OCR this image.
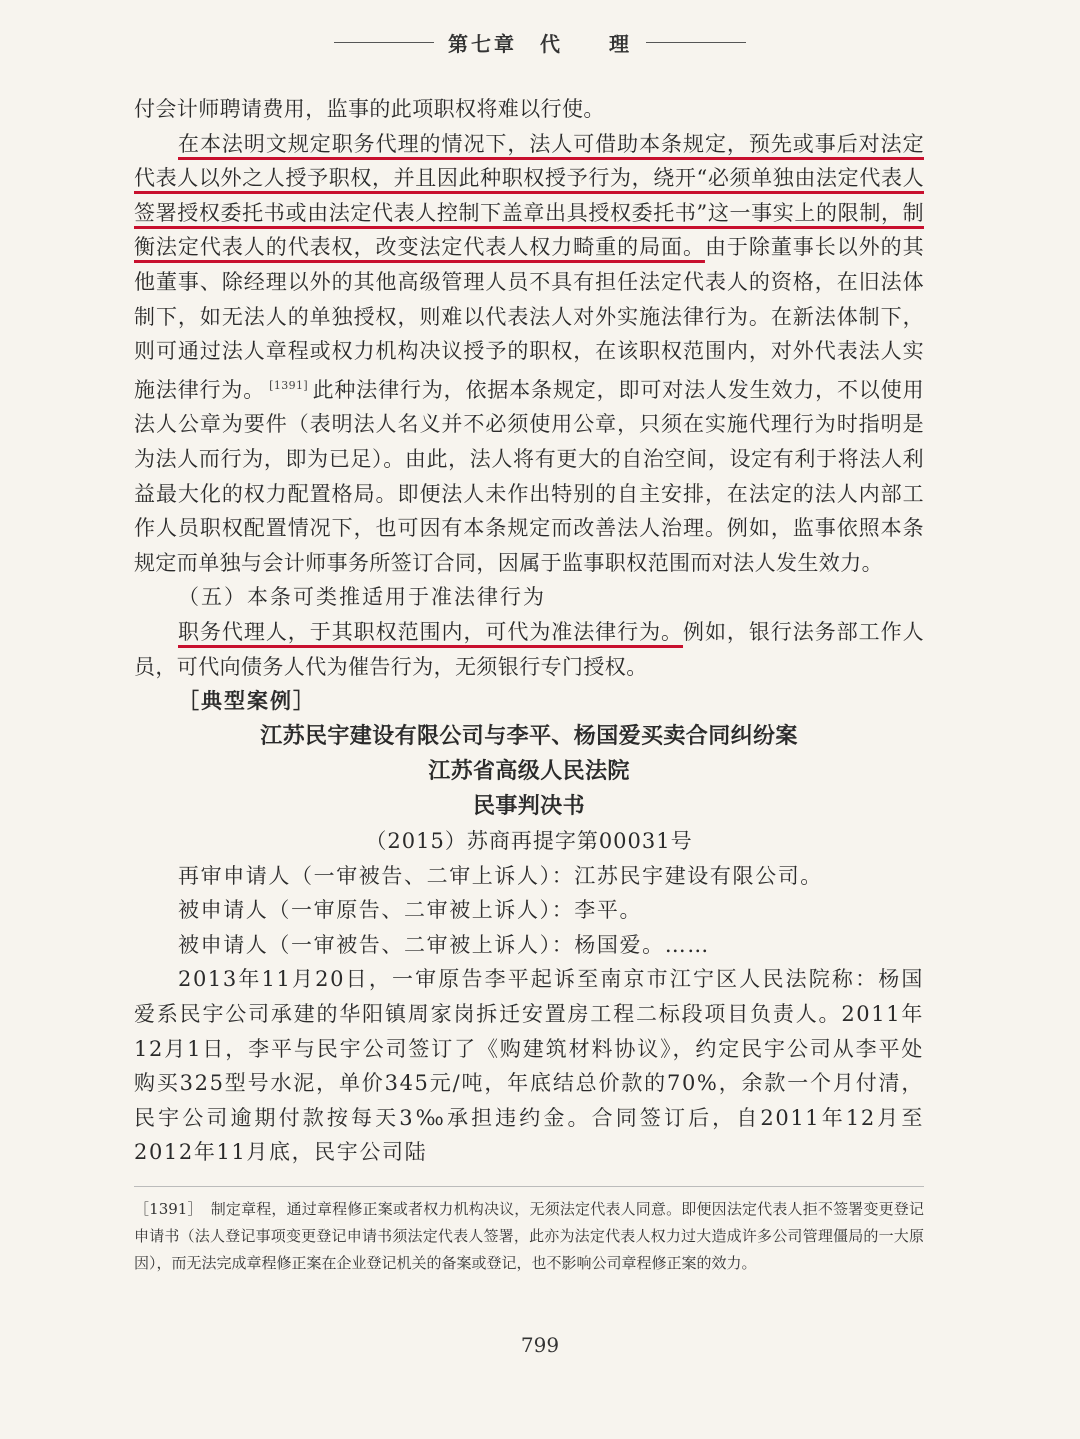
第七章　代　　理

付会计师聘请费用，监事的此项职权将难以行使。

在本法明文规定职务代理的情况下，法人可借助本条规定，预先或事后对法定代表人以外之人授予职权，并且因此种职权授予行为，绕开“必须单独由法定代表人签署授权委托书或由法定代表人控制下盖章出具授权委托书”这一事实上的限制，制衡法定代表人的代表权，改变法定代表人权力畸重的局面。由于除董事长以外的其他董事、除经理以外的其他高级管理人员不具有担任法定代表人的资格，在旧法体制下，如无法人的单独授权，则难以代表法人对外实施法律行为。在新法体制下，则可通过法人章程或权力机构决议授予的职权，在该职权范围内，对外代表法人实施法律行为。 [1391] 此种法律行为，依据本条规定，即可对法人发生效力，不以使用法人公章为要件（表明法人名义并不必须使用公章，只须在实施代理行为时指明是为法人而行为，即为已足）。由此，法人将有更大的自治空间，设定有利于将法人利益最大化的权力配置格局。即便法人未作出特别的自主安排，在法定的法人内部工作人员职权配置情况下，也可因有本条规定而改善法人治理。例如，监事依照本条规定而单独与会计师事务所签订合同，因属于监事职权范围而对法人发生效力。

（五）本条可类推适用于准法律行为

职务代理人，于其职权范围内，可代为准法律行为。例如，银行法务部工作人员，可代向债务人代为催告行为，无须银行专门授权。

［典型案例］

江苏民宇建设有限公司与李平、杨国爱买卖合同纠纷案
江苏省高级人民法院
民事判决书

（2015）苏商再提字第00031号

再审申请人（一审被告、二审上诉人）：江苏民宇建设有限公司。

被申请人（一审原告、二审被上诉人）：李平。

被申请人（一审被告、二审被上诉人）：杨国爱。……

2013年11月20日，一审原告李平起诉至南京市江宁区人民法院称：杨国爱系民宇公司承建的华阳镇周家岗拆迁安置房工程二标段项目负责人。2011年12月1日，李平与民宇公司签订了《购建筑材料协议》，约定民宇公司从李平处购买325型号水泥，单价345元/吨，年底结总价款的70%，余款一个月付清，民宇公司逾期付款按每天3‰承担违约金。合同签订后，自2011年12月至2012年11月底，民宇公司陆

［1391］ 制定章程，通过章程修正案或者权力机构决议，无须法定代表人同意。即便因法定代表人拒不签署变更登记申请书（法人登记事项变更登记申请书须法定代表人签署，此亦为法定代表人权力过大造成许多公司管理僵局的一大原因），而无法完成章程修正案在企业登记机关的备案或登记，也不影响公司章程修正案的效力。

799
